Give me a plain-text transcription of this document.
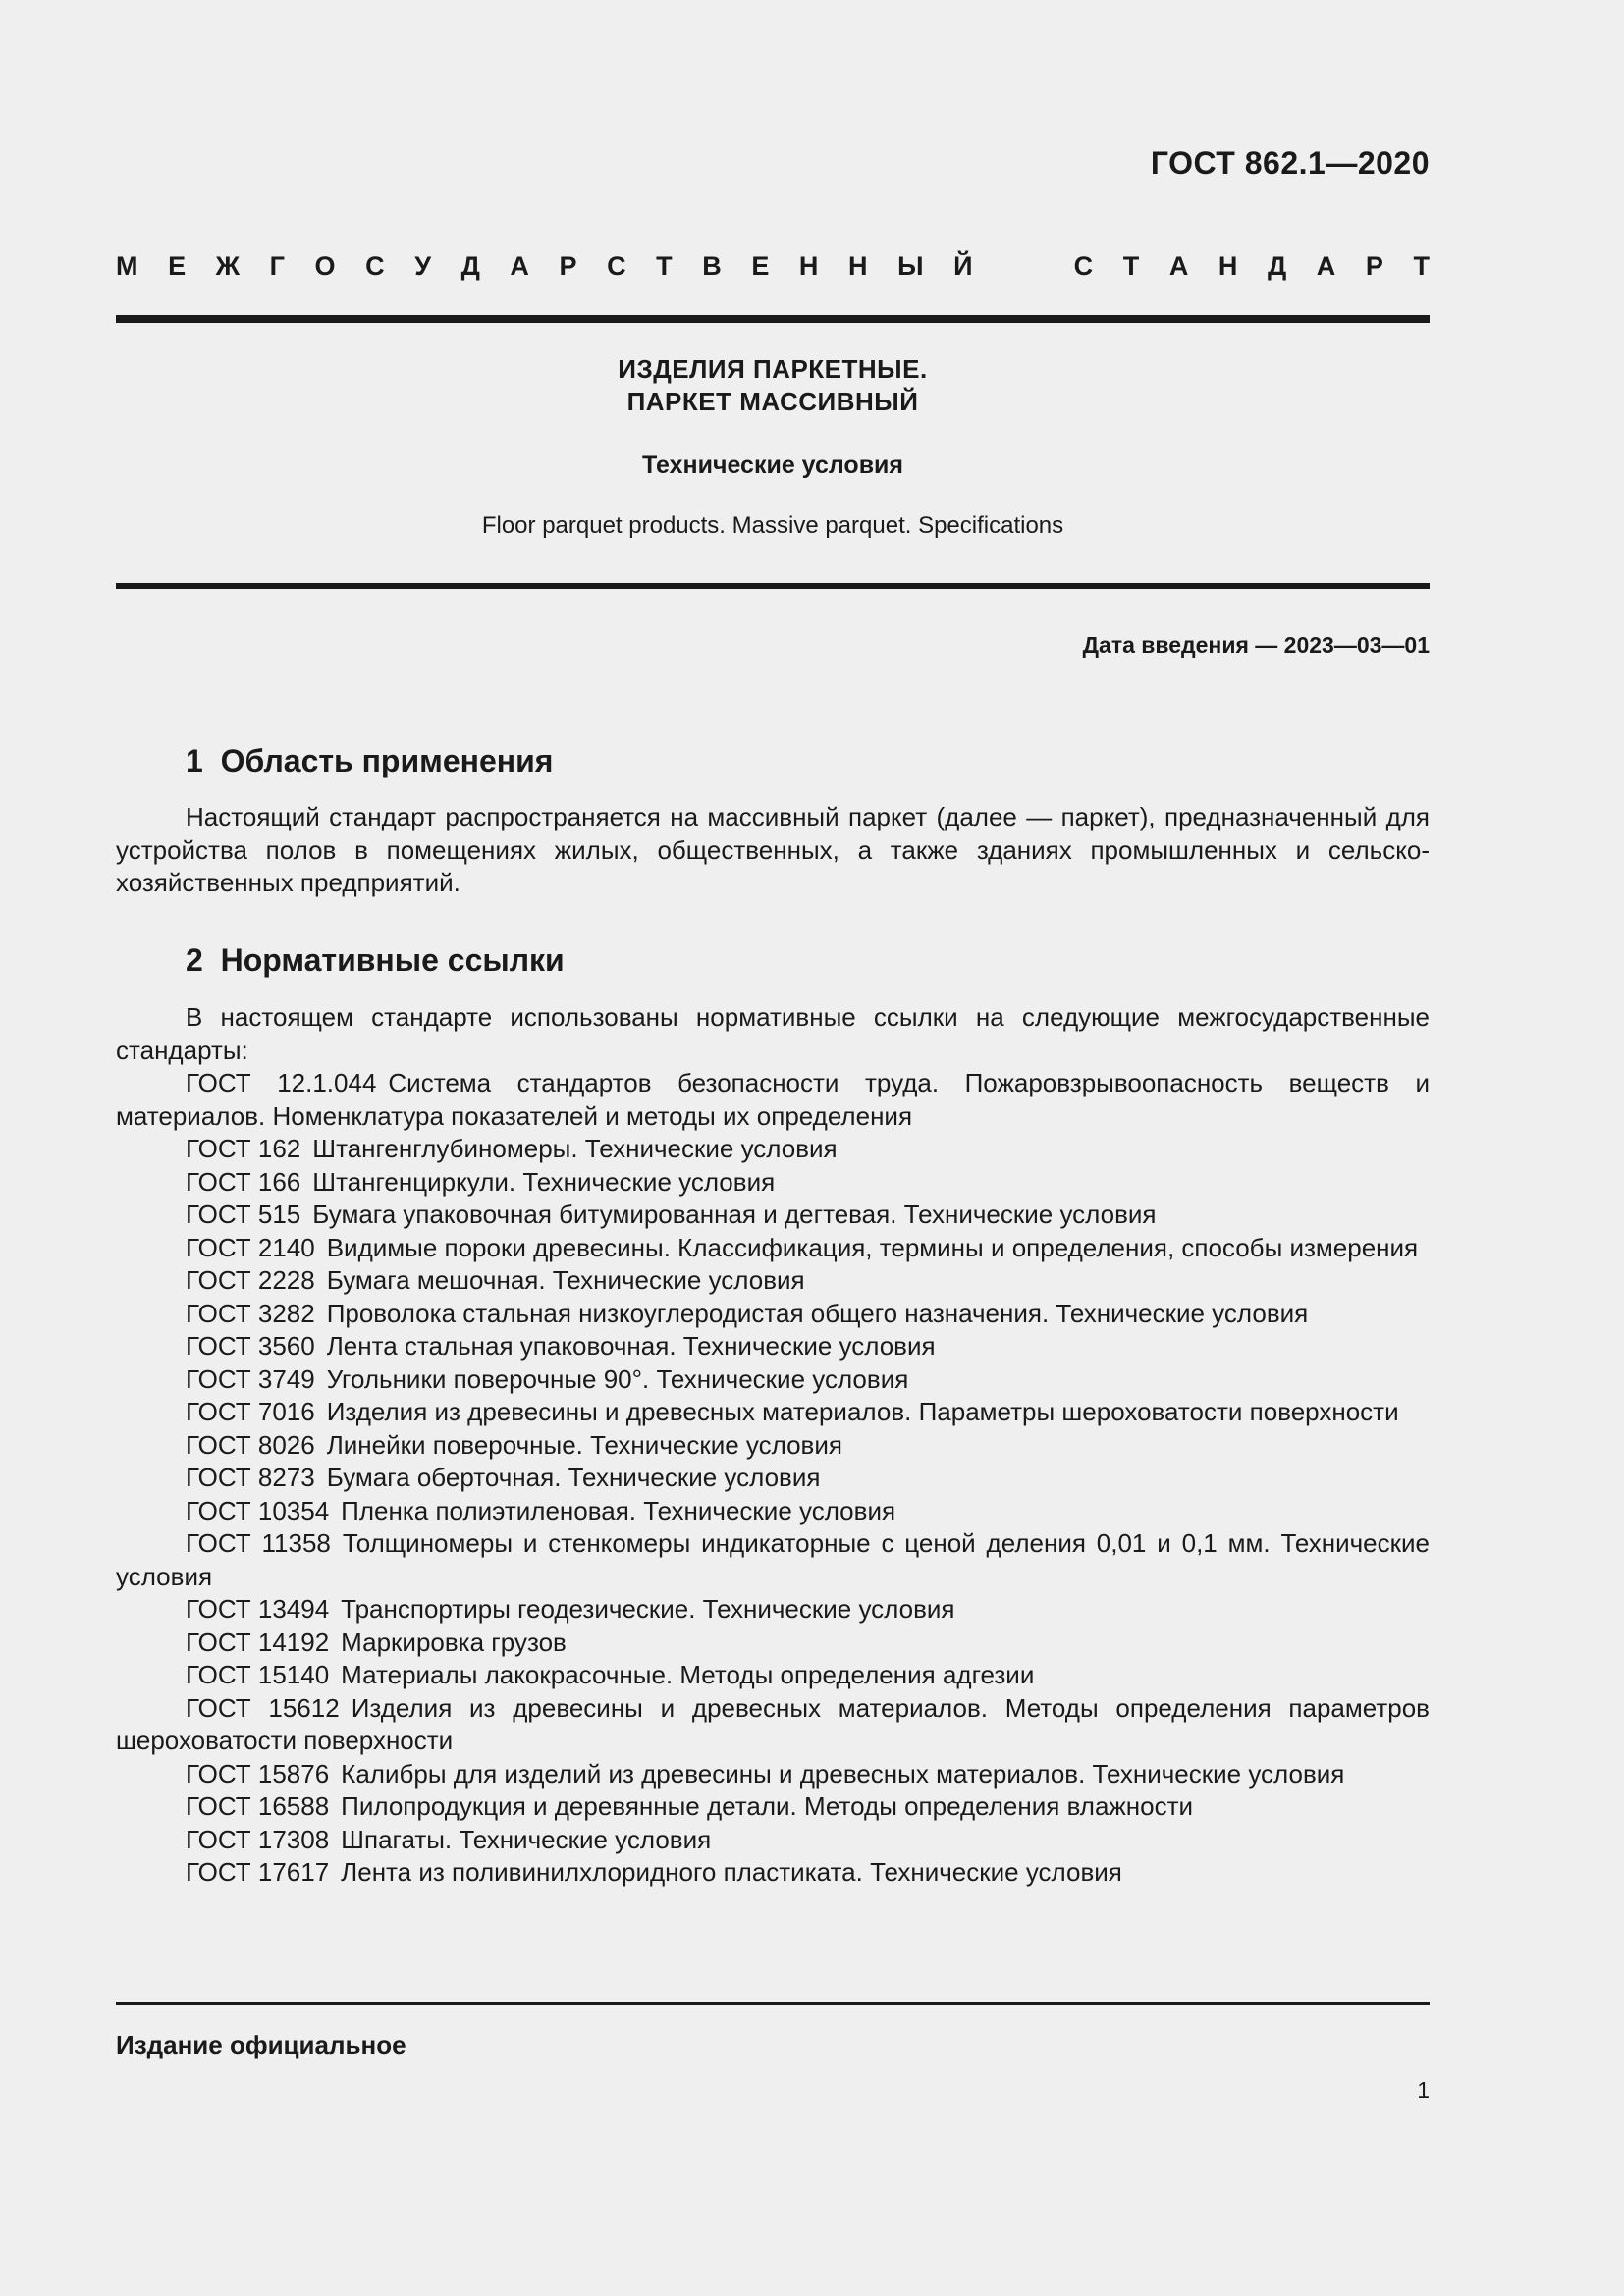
ГОСТ 862.1—2020
М Е Ж Г О С У Д А Р С Т В Е Н Н Ы Й	С Т А Н Д А Р Т
ИЗДЕЛИЯ ПАРКЕТНЫЕ.
ПАРКЕТ МАССИВНЫЙ
Технические условия
Floor parquet products. Massive parquet. Specifications
Дата введения — 2023—03—01
1  Область применения
Настоящий стандарт распространяется на массивный паркет (далее — паркет), предназначенный для устройства полов в помещениях жилых, общественных, а также зданиях промышленных и сельско-хозяйственных предприятий.
2  Нормативные ссылки
В настоящем стандарте использованы нормативные ссылки на следующие межгосударственные стандарты:
ГОСТ 12.1.044 Система стандартов безопасности труда. Пожаровзрывоопасность веществ и материалов. Номенклатура показателей и методы их определения
ГОСТ 162 Штангенглубиномеры. Технические условия
ГОСТ 166 Штангенциркули. Технические условия
ГОСТ 515 Бумага упаковочная битумированная и дегтевая. Технические условия
ГОСТ 2140 Видимые пороки древесины. Классификация, термины и определения, способы измерения
ГОСТ 2228 Бумага мешочная. Технические условия
ГОСТ 3282 Проволока стальная низкоуглеродистая общего назначения. Технические условия
ГОСТ 3560 Лента стальная упаковочная. Технические условия
ГОСТ 3749 Угольники поверочные 90°. Технические условия
ГОСТ 7016 Изделия из древесины и древесных материалов. Параметры шероховатости поверхности
ГОСТ 8026 Линейки поверочные. Технические условия
ГОСТ 8273 Бумага оберточная. Технические условия
ГОСТ 10354 Пленка полиэтиленовая. Технические условия
ГОСТ 11358 Толщиномеры и стенкомеры индикаторные с ценой деления 0,01 и 0,1 мм. Технические условия
ГОСТ 13494 Транспортиры геодезические. Технические условия
ГОСТ 14192 Маркировка грузов
ГОСТ 15140 Материалы лакокрасочные. Методы определения адгезии
ГОСТ 15612 Изделия из древесины и древесных материалов. Методы определения параметров шероховатости поверхности
ГОСТ 15876 Калибры для изделий из древесины и древесных материалов. Технические условия
ГОСТ 16588 Пилопродукция и деревянные детали. Методы определения влажности
ГОСТ 17308 Шпагаты. Технические условия
ГОСТ 17617 Лента из поливинилхлоридного пластиката. Технические условия
Издание официальное
1
